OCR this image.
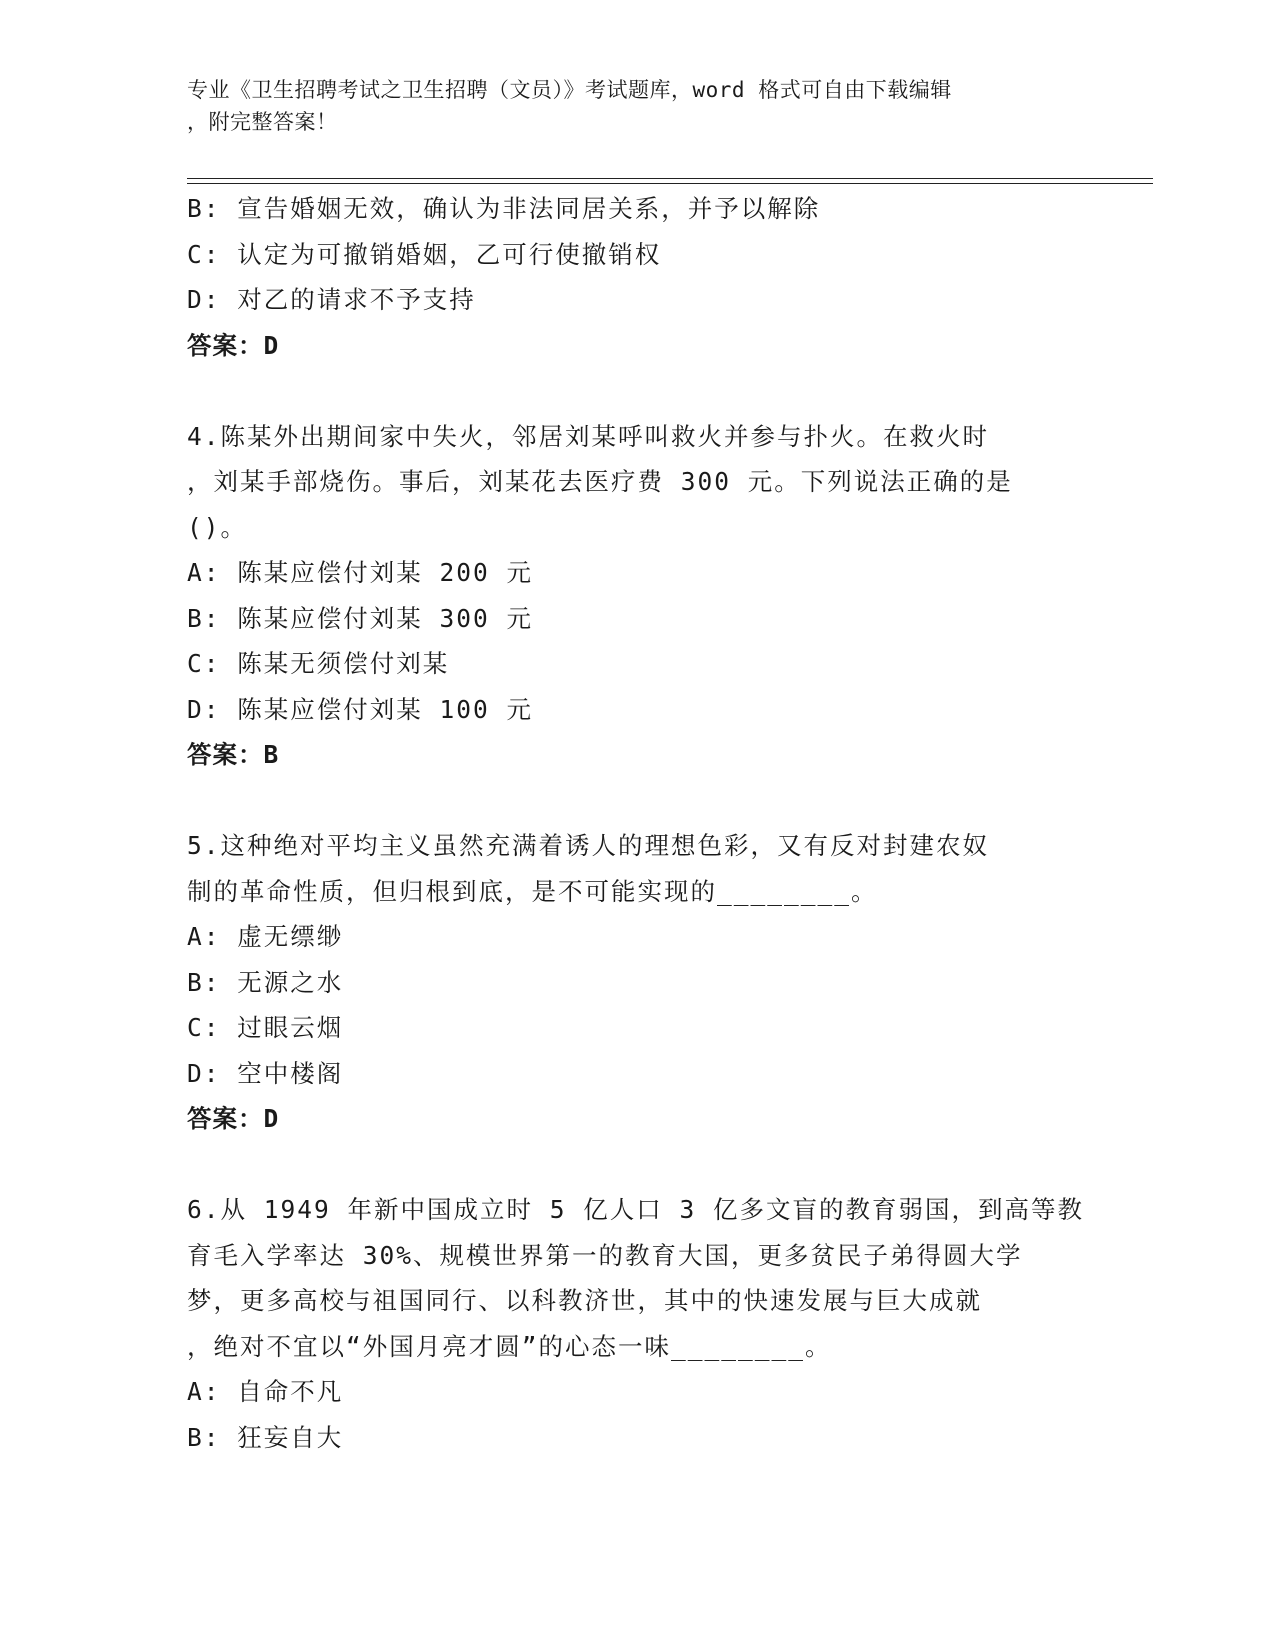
专业《卫生招聘考试之卫生招聘（文员）》考试题库，word 格式可自由下载编辑
，附完整答案！
B: 宣告婚姻无效，确认为非法同居关系，并予以解除
C: 认定为可撤销婚姻，乙可行使撤销权
D: 对乙的请求不予支持
答案：D
4.陈某外出期间家中失火，邻居刘某呼叫救火并参与扑火。在救火时
，刘某手部烧伤。事后，刘某花去医疗费 300 元。下列说法正确的是
()。
A: 陈某应偿付刘某 200 元
B: 陈某应偿付刘某 300 元
C: 陈某无须偿付刘某
D: 陈某应偿付刘某 100 元
答案：B
5.这种绝对平均主义虽然充满着诱人的理想色彩，又有反对封建农奴
制的革命性质，但归根到底，是不可能实现的________。
A: 虚无缥缈
B: 无源之水
C: 过眼云烟
D: 空中楼阁
答案：D
6.从 1949 年新中国成立时 5 亿人口 3 亿多文盲的教育弱国，到高等教
育毛入学率达 30%、规模世界第一的教育大国，更多贫民子弟得圆大学
梦，更多高校与祖国同行、以科教济世，其中的快速发展与巨大成就
，绝对不宜以“外国月亮才圆”的心态一味________。
A: 自命不凡
B: 狂妄自大
